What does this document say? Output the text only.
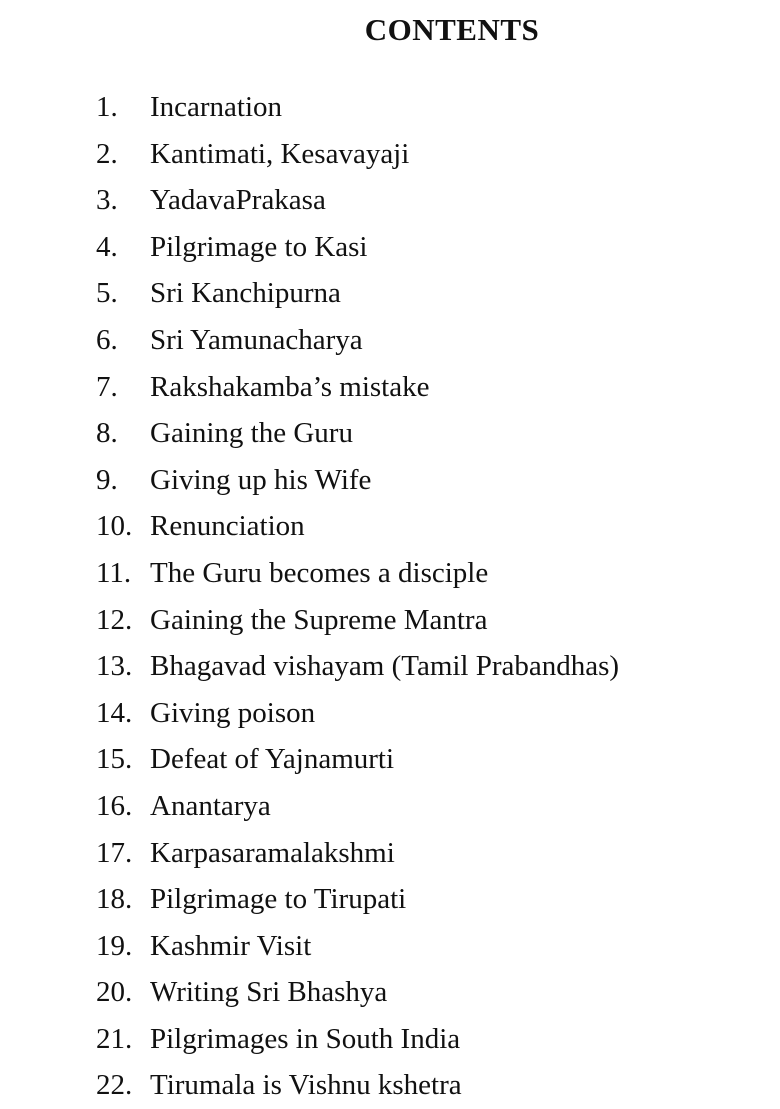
CONTENTS
1. Incarnation
2. Kantimati, Kesavayaji
3. YadavaPrakasa
4. Pilgrimage to Kasi
5. Sri Kanchipurna
6. Sri Yamunacharya
7. Rakshakamba’s mistake
8. Gaining the Guru
9. Giving up his Wife
10. Renunciation
11. The Guru becomes a disciple
12. Gaining the Supreme Mantra
13. Bhagavad vishayam (Tamil Prabandhas)
14. Giving poison
15. Defeat of Yajnamurti
16. Anantarya
17. Karpasaramalakshmi
18. Pilgrimage to Tirupati
19. Kashmir Visit
20. Writing Sri Bhashya
21. Pilgrimages in South India
22. Tirumala is Vishnu kshetra
